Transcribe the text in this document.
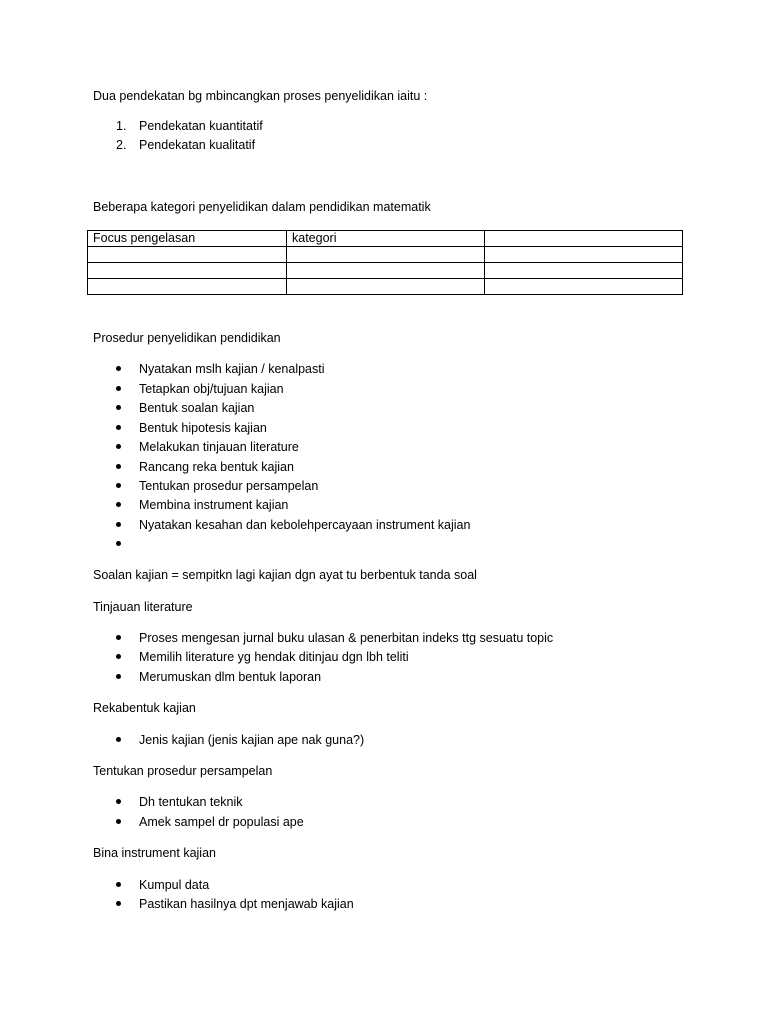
Dua pendekatan bg mbincangkan proses penyelidikan iaitu :
1. Pendekatan kuantitatif
2. Pendekatan kualitatif
Beberapa kategori penyelidikan dalam pendidikan matematik
Focus pengelasan	kategori	

Prosedur penyelidikan pendidikan
Nyatakan mslh kajian / kenalpasti
Tetapkan obj/tujuan kajian
Bentuk soalan kajian
Bentuk hipotesis kajian
Melakukan tinjauan literature
Rancang reka bentuk kajian
Tentukan prosedur persampelan
Membina instrument kajian
Nyatakan kesahan dan kebolehpercayaan instrument kajian
Soalan kajian = sempitkn lagi kajian dgn ayat tu berbentuk tanda soal
Tinjauan literature
Proses mengesan jurnal buku ulasan & penerbitan indeks ttg sesuatu topic
Memilih literature yg hendak ditinjau dgn lbh teliti
Merumuskan dlm bentuk laporan
Rekabentuk kajian
Jenis kajian (jenis kajian ape nak guna?)
Tentukan prosedur persampelan
Dh tentukan teknik
Amek sampel dr populasi ape
Bina instrument kajian
Kumpul data
Pastikan hasilnya dpt menjawab kajian
